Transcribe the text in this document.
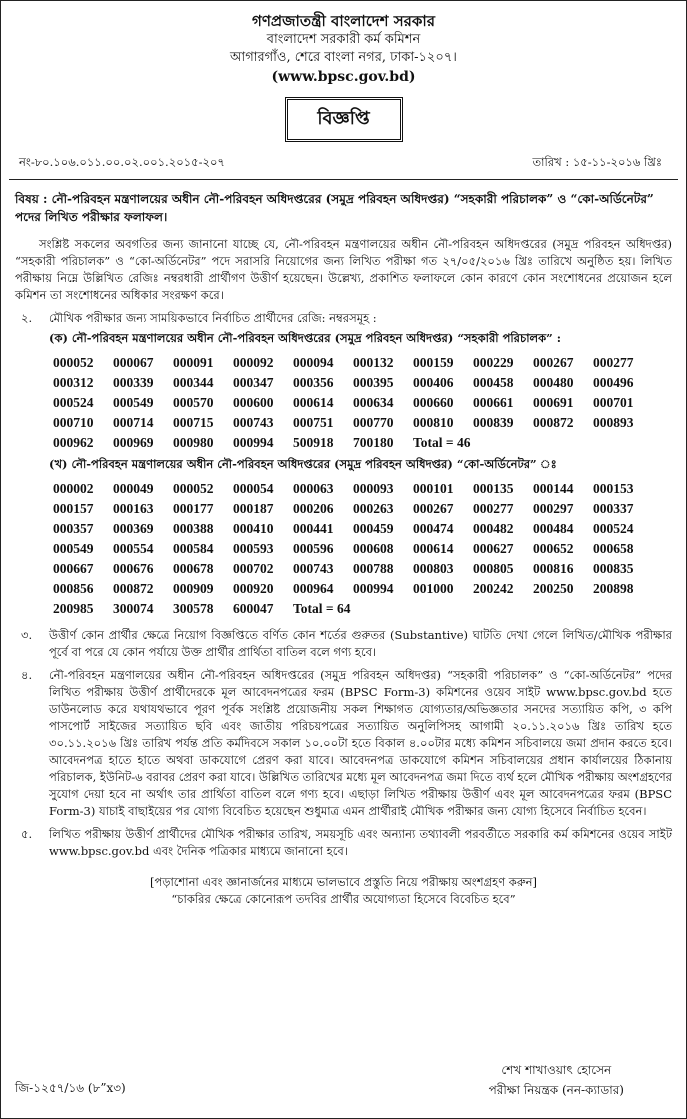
গণপ্রজাতন্ত্রী বাংলাদেশ সরকার
বাংলাদেশ সরকারী কর্ম কমিশন
আগারগাঁও, শেরে বাংলা নগর, ঢাকা-১২০৭।
(www.bpsc.gov.bd)
বিজ্ঞপ্তি
নং-৮০.১০৬.০১১.০০.০২.০০১.২০১৫-২০৭	তারিখ : ১৫-১১-২০১৬ খ্রিঃ
বিষয় : নৌ-পরিবহন মন্ত্রণালয়ের অধীন নৌ-পরিবহন অধিদপ্তরের (সমুদ্র পরিবহন অধিদপ্তর) “সহকারী পরিচালক” ও “কো-অর্ডিনেটর” পদের লিখিত পরীক্ষার ফলাফল।
সংশ্লিষ্ট সকলের অবগতির জন্য জানানো যাচ্ছে যে, নৌ-পরিবহন মন্ত্রণালয়ের অধীন নৌ-পরিবহন অধিদপ্তরের (সমুদ্র পরিবহন অধিদপ্তর) “সহকারী পরিচালক” ও “কো-অর্ডিনেটর” পদে সরাসরি নিয়োগের জন্য লিখিত পরীক্ষা গত ২৭/০৫/২০১৬ খ্রিঃ তারিখে অনুষ্ঠিত হয়। লিখিত পরীক্ষায় নিম্নে উল্লিখিত রেজিঃ নম্বরধারী প্রার্থীগণ উত্তীর্ণ হয়েছেন। উল্লেখ্য, প্রকাশিত ফলাফলে কোন কারণে কোন সংশোধনের প্রয়োজন হলে কমিশন তা সংশোধনের অধিকার সংরক্ষণ করে।
২.	মৌখিক পরীক্ষার জন্য সাময়িকভাবে নির্বাচিত প্রার্থীদের রেজি: নম্বরসমূহ :
(ক) নৌ-পরিবহন মন্ত্রণালয়ের অধীন নৌ-পরিবহন অধিদপ্তরের (সমুদ্র পরিবহন অধিদপ্তর) “সহকারী পরিচালক” :
000052	000067	000091	000092	000094	000132	000159	000229	000267	000277
000312	000339	000344	000347	000356	000395	000406	000458	000480	000496
000524	000549	000570	000600	000614	000634	000660	000661	000691	000701
000710	000714	000715	000743	000751	000770	000810	000839	000872	000893
000962	000969	000980	000994	500918	700180	Total = 46
(খ) নৌ-পরিবহন মন্ত্রণালয়ের অধীন নৌ-পরিবহন অধিদপ্তরের (সমুদ্র পরিবহন অধিদপ্তর) “কো-অর্ডিনেটর” ঃ
000002	000049	000052	000054	000063	000093	000101	000135	000144	000153
000157	000163	000177	000187	000206	000263	000267	000277	000297	000337
000357	000369	000388	000410	000441	000459	000474	000482	000484	000524
000549	000554	000584	000593	000596	000608	000614	000627	000652	000658
000667	000676	000678	000702	000743	000788	000803	000805	000816	000835
000856	000872	000909	000920	000964	000994	001000	200242	200250	200898
200985	300074	300578	600047	Total = 64
৩.	উত্তীর্ণ কোন প্রার্থীর ক্ষেত্রে নিয়োগ বিজ্ঞপ্তিতে বর্ণিত কোন শর্তের গুরুতর (Substantive) ঘাটতি দেখা গেলে লিখিত/মৌখিক পরীক্ষার পূর্বে বা পরে যে কোন পর্যায়ে উক্ত প্রার্থীর প্রার্থিতা বাতিল বলে গণ্য হবে।
৪.	নৌ-পরিবহন মন্ত্রণালয়ের অধীন নৌ-পরিবহন অধিদপ্তরের (সমুদ্র পরিবহন অধিদপ্তর) “সহকারী পরিচালক” ও “কো-অর্ডিনেটর” পদের লিখিত পরীক্ষায় উত্তীর্ণ প্রার্থীদেরকে মূল আবেদনপত্রের ফরম (BPSC Form-3) কমিশনের ওয়েব সাইট www.bpsc.gov.bd হতে ডাউনলোড করে যথাযথভাবে পূরণ পূর্বক সংশ্লিষ্ট প্রয়োজনীয় সকল শিক্ষাগত যোগ্যতার/অভিজ্ঞতার সনদের সত্যায়িত কপি, ৩ কপি পাসপোর্ট সাইজের সত্যায়িত ছবি এবং জাতীয় পরিচয়পত্রের সত্যায়িত অনুলিপিসহ আগামী ২০.১১.২০১৬ খ্রিঃ তারিখ হতে ৩০.১১.২০১৬ খ্রিঃ তারিখ পর্যন্ত প্রতি কর্মদিবসে সকাল ১০.০০টা হতে বিকাল ৪.০০টার মধ্যে কমিশন সচিবালয়ে জমা প্রদান করতে হবে। আবেদনপত্র হাতে হাতে অথবা ডাকযোগে প্রেরণ করা যাবে। আবেদনপত্র ডাকযোগে কমিশন সচিবালয়ের প্রধান কার্যালয়ের ঠিকানায় পরিচালক, ইউনিট-৬ বরাবর প্রেরণ করা যাবে। উল্লিখিত তারিখের মধ্যে মূল আবেদনপত্র জমা দিতে ব্যর্থ হলে মৌখিক পরীক্ষায় অংশগ্রহণের সুযোগ দেয়া হবে না অর্থাৎ তার প্রার্থিতা বাতিল বলে গণ্য হবে। এছাড়া লিখিত পরীক্ষায় উত্তীর্ণ এবং মূল আবেদনপত্রের ফরম (BPSC Form-3) যাচাই বাছাইয়ের পর যোগ্য বিবেচিত হয়েছেন শুধুমাত্র এমন প্রার্থীরাই মৌখিক পরীক্ষার জন্য যোগ্য হিসেবে নির্বাচিত হবেন।
৫.	লিখিত পরীক্ষায় উত্তীর্ণ প্রার্থীদের মৌখিক পরীক্ষার তারিখ, সময়সূচি এবং অন্যান্য তথ্যাবলী পরবর্তীতে সরকারি কর্ম কমিশনের ওয়েব সাইট www.bpsc.gov.bd এবং দৈনিক পত্রিকার মাধ্যমে জানানো হবে।
[পড়াশোনা এবং জ্ঞানার্জনের মাধ্যমে ভালভাবে প্রস্তুতি নিয়ে পরীক্ষায় অংশগ্রহণ করুন]
“চাকরির ক্ষেত্রে কোনোরূপ তদবির প্রার্থীর অযোগ্যতা হিসেবে বিবেচিত হবে”
শেখ শাখাওয়াৎ হোসেন
পরীক্ষা নিয়ন্ত্রক (নন-ক্যাডার)
জি-১২৫৭/১৬ (৮”x৩)
